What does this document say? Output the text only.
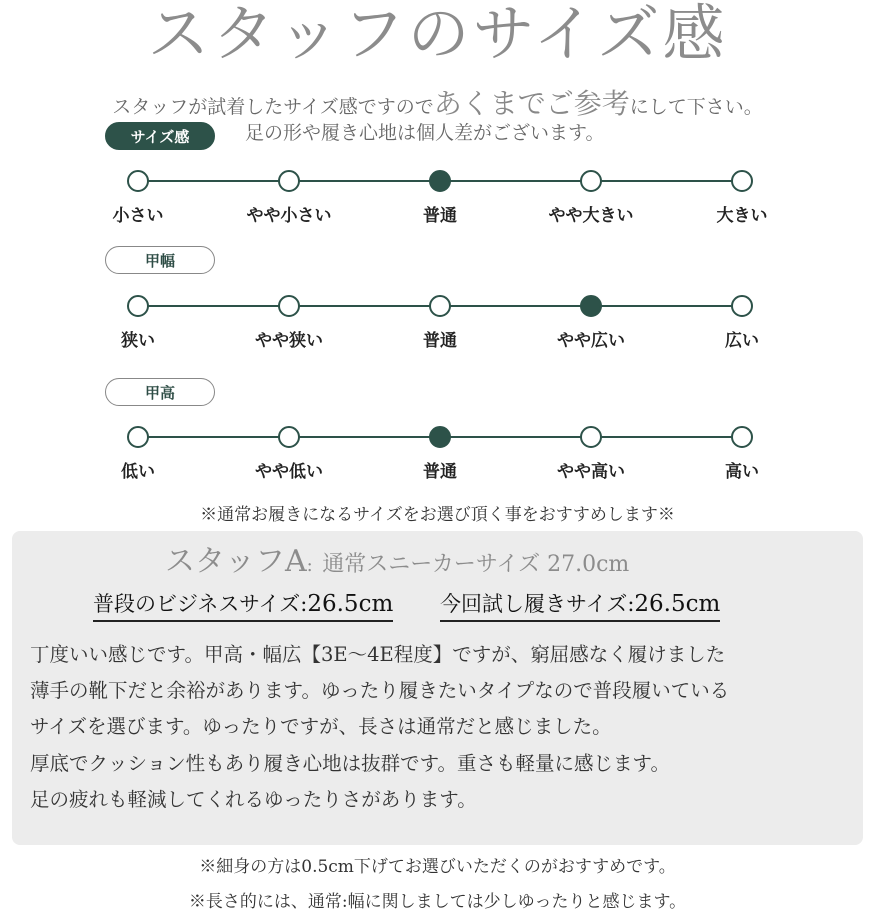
スタッフのサイズ感
スタッフが試着したサイズ感ですのであくまでご参考にして下さい。
足の形や履き心地は個人差がございます。
サイズ感
小さい	やや小さい	普通	やや大きい	大きい
甲幅
狭い	やや狭い	普通	やや広い	広い
甲高
低い	やや低い	普通	やや高い	高い
※通常お履きになるサイズをお選び頂く事をおすすめします※
スタッフA: 通常スニーカーサイズ 27.0cm
普段のビジネスサイズ:26.5cm 今回試し履きサイズ:26.5cm
丁度いい感じです。甲高・幅広【3E～4E程度】ですが、窮屈感なく履けました
薄手の靴下だと余裕があります。ゆったり履きたいタイプなので普段履いている
サイズを選びます。ゆったりですが、長さは通常だと感じました。
厚底でクッション性もあり履き心地は抜群です。重さも軽量に感じます。
足の疲れも軽減してくれるゆったりさがあります。
※細身の方は0.5cm下げてお選びいただくのがおすすめです。
※長さ的には、通常:幅に関しましては少しゆったりと感じます。
